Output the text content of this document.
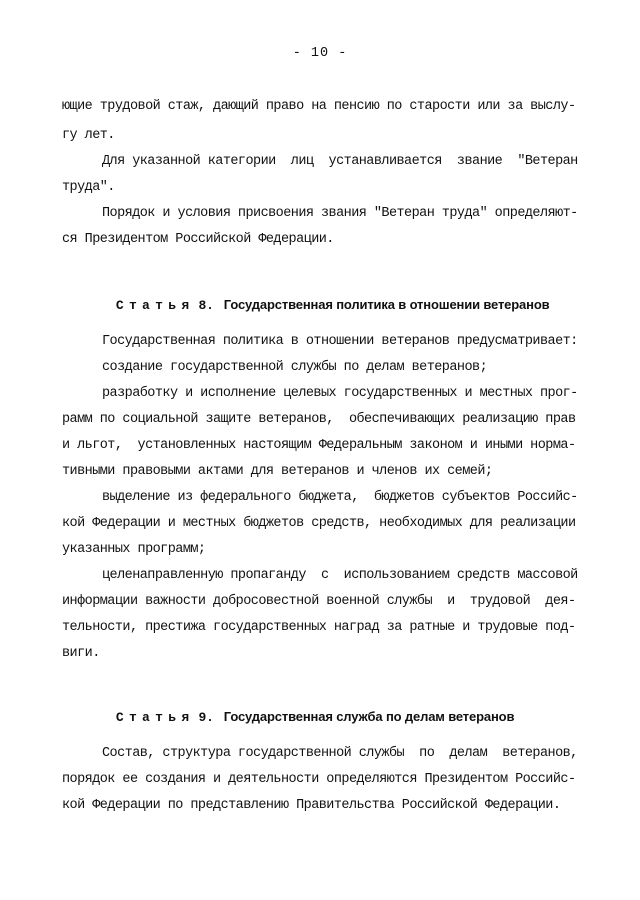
- 10 -
ющие трудовой стаж, дающий право на пенсию по старости или за выслу-
гу лет.
Для указанной категории  лиц  устанавливается  звание  "Ветеран
труда".
Порядок и условия присвоения звания "Ветеран труда" определяют-
ся Президентом Российской Федерации.

Статья 8. Государственная политика в отношении ветеранов

Государственная политика в отношении ветеранов предусматривает:
создание государственной службы по делам ветеранов;
разработку и исполнение целевых государственных и местных прог-
рамм по социальной защите ветеранов,  обеспечивающих реализацию прав
и льгот,  установленных настоящим Федеральным законом и иными норма-
тивными правовыми актами для ветеранов и членов их семей;
выделение из федерального бюджета,  бюджетов субъектов Российс-
кой Федерации и местных бюджетов средств, необходимых для реализации
указанных программ;
целенаправленную пропаганду  с  использованием средств массовой
информации важности добросовестной военной службы  и  трудовой  дея-
тельности, престижа государственных наград за ратные и трудовые под-
виги.

Статья 9. Государственная служба по делам ветеранов

Состав, структура государственной службы  по  делам  ветеранов,
порядок ее создания и деятельности определяются Президентом Российс-
кой Федерации по представлению Правительства Российской Федерации.
